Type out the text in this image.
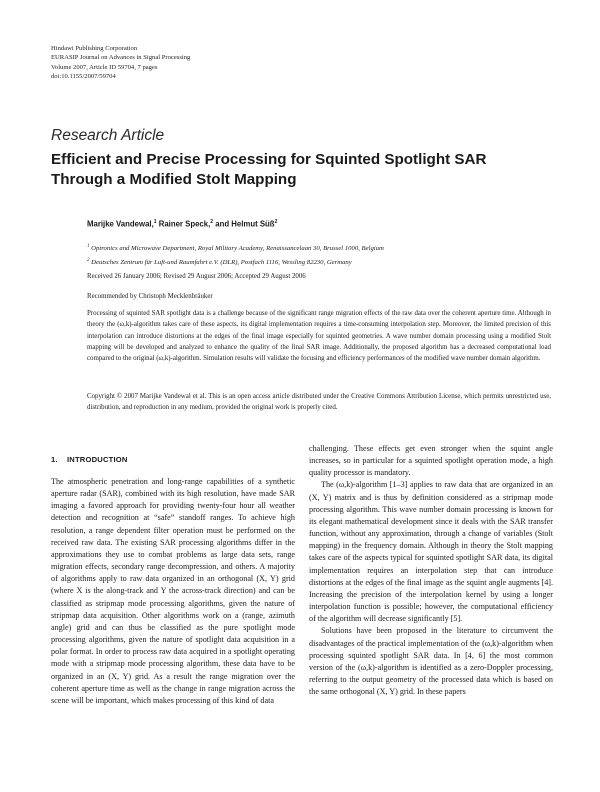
Hindawi Publishing Corporation
EURASIP Journal on Advances in Signal Processing
Volume 2007, Article ID 59704, 7 pages
doi:10.1155/2007/59704
Research Article
Efficient and Precise Processing for Squinted Spotlight SAR Through a Modified Stolt Mapping
Marijke Vandewal,$^1$ Rainer Speck,$^2$ and Helmut Süß$^2$
$^1$ Optronics and Microwave Department, Royal Military Academy, Renaissancelaan 30, Brussel 1000, Belgium
$^2$ Deutsches Zentrum für Luft-und Raumfahrt e.V. (DLR), Postfach 1116, Wessling 82230, Germany
Received 26 January 2006; Revised 29 August 2006; Accepted 29 August 2006
Recommended by Christoph Mecklenbräuker
Processing of squinted SAR spotlight data is a challenge because of the significant range migration effects of the raw data over the coherent aperture time. Although in theory the (ω,k)-algorithm takes care of these aspects, its digital implementation requires a time-consuming interpolation step. Moreover, the limited precision of this interpolation can introduce distortions at the edges of the final image especially for squinted geometries. A wave number domain processing using a modified Stolt mapping will be developed and analyzed to enhance the quality of the final SAR image. Additionally, the proposed algorithm has a decreased computational load compared to the original (ω,k)-algorithm. Simulation results will validate the focusing and efficiency performances of the modified wave number domain algorithm.
Copyright © 2007 Marijke Vandewal et al. This is an open access article distributed under the Creative Commons Attribution License, which permits unrestricted use, distribution, and reproduction in any medium, provided the original work is properly cited.
1.    INTRODUCTION

The atmospheric penetration and long-range capabilities of a synthetic aperture radar (SAR), combined with its high resolution, have made SAR imaging a favored approach for providing twenty-four hour all weather detection and recognition at “safe” standoff ranges. To achieve high resolution, a range dependent filter operation must be performed on the received raw data. The existing SAR processing algorithms differ in the approximations they use to combat problems as large data sets, range migration effects, secondary range decompression, and others. A majority of algorithms apply to raw data organized in an orthogonal (X, Y) grid (where X is the along-track and Y the across-track direction) and can be classified as stripmap mode processing algorithms, given the nature of stripmap data acquisition. Other algorithms work on a (range, azimuth angle) grid and can thus be classified as the pure spotlight mode processing algorithms, given the nature of spotlight data acquisition in a polar format. In order to process raw data acquired in a spotlight operating mode with a stripmap mode processing algorithm, these data have to be organized in an (X, Y) grid. As a result the range migration over the coherent aperture time as well as the change in range migration across the scene will be important, which makes processing of this kind of data

challenging. These effects get even stronger when the squint angle increases, so in particular for a squinted spotlight operation mode, a high quality processor is mandatory.

The (ω,k)-algorithm [1–3] applies to raw data that are organized in an (X, Y) matrix and is thus by definition considered as a stripmap mode processing algorithm. This wave number domain processing is known for its elegant mathematical development since it deals with the SAR transfer function, without any approximation, through a change of variables (Stolt mapping) in the frequency domain. Although in theory the Stolt mapping takes care of the aspects typical for squinted spotlight SAR data, its digital implementation requires an interpolation step that can introduce distortions at the edges of the final image as the squint angle augments [4]. Increasing the precision of the interpolation kernel by using a longer interpolation function is possible; however, the computational efficiency of the algorithm will decrease significantly [5].

Solutions have been proposed in the literature to circumvent the disadvantages of the practical implementation of the (ω,k)-algorithm when processing squinted spotlight SAR data. In [4, 6] the most common version of the (ω,k)-algorithm is identified as a zero-Doppler processing, referring to the output geometry of the processed data which is based on the same orthogonal (X, Y) grid. In these papers
